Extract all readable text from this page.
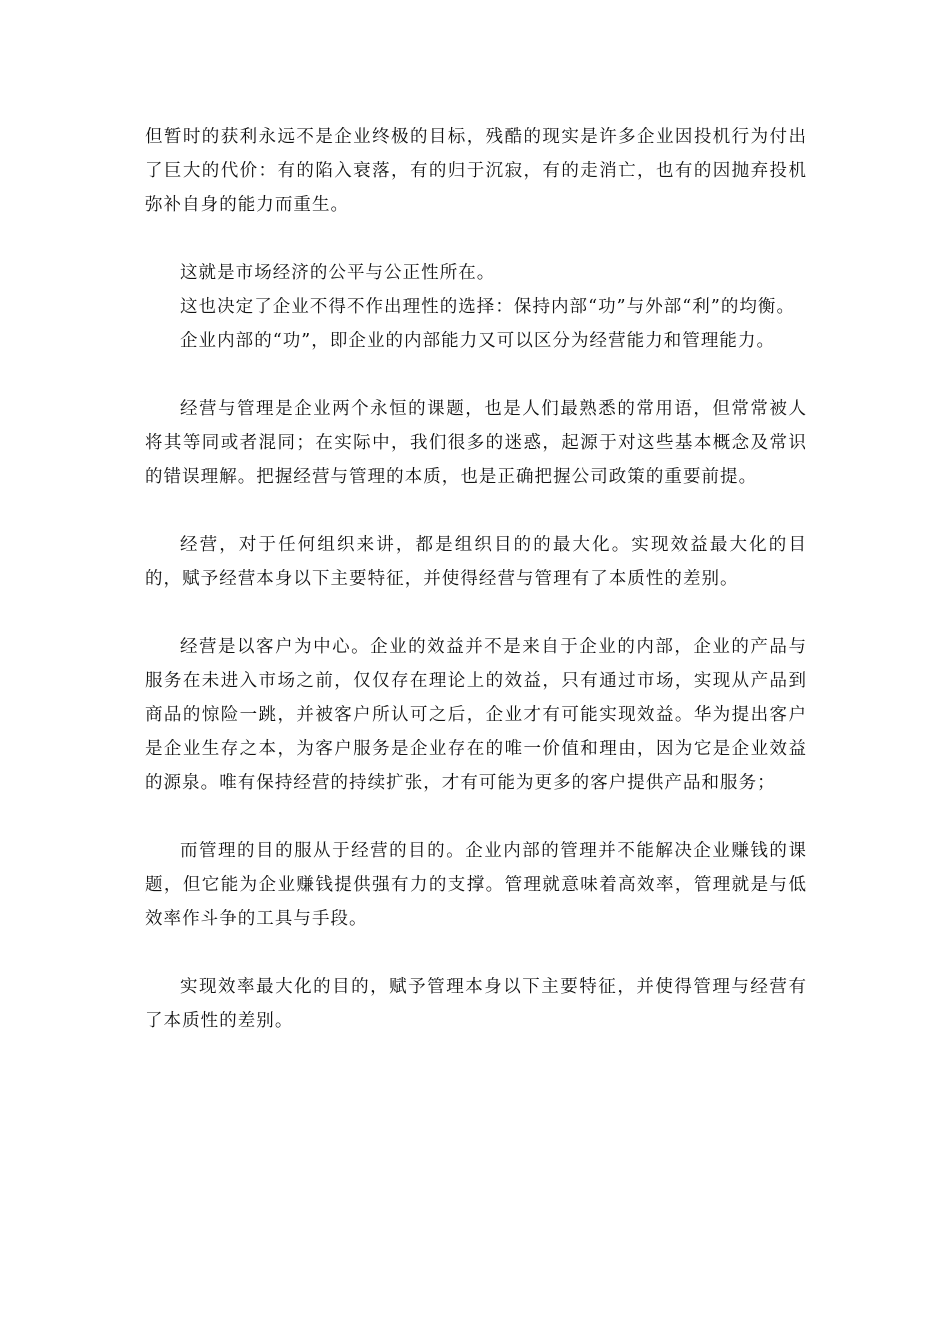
但暂时的获利永远不是企业终极的目标，残酷的现实是许多企业因投机行为付出了巨大的代价：有的陷入衰落，有的归于沉寂，有的走消亡，也有的因抛弃投机弥补自身的能力而重生。

这就是市场经济的公平与公正性所在。

这也决定了企业不得不作出理性的选择：保持内部“功”与外部“利”的均衡。

企业内部的“功”，即企业的内部能力又可以区分为经营能力和管理能力。

经营与管理是企业两个永恒的课题，也是人们最熟悉的常用语，但常常被人将其等同或者混同；在实际中，我们很多的迷惑，起源于对这些基本概念及常识的错误理解。把握经营与管理的本质，也是正确把握公司政策的重要前提。

经营，对于任何组织来讲，都是组织目的的最大化。实现效益最大化的目的，赋予经营本身以下主要特征，并使得经营与管理有了本质性的差别。

经营是以客户为中心。企业的效益并不是来自于企业的内部，企业的产品与服务在未进入市场之前，仅仅存在理论上的效益，只有通过市场，实现从产品到商品的惊险一跳，并被客户所认可之后，企业才有可能实现效益。华为提出客户是企业生存之本，为客户服务是企业存在的唯一价值和理由，因为它是企业效益的源泉。唯有保持经营的持续扩张，才有可能为更多的客户提供产品和服务；

而管理的目的服从于经营的目的。企业内部的管理并不能解决企业赚钱的课题，但它能为企业赚钱提供强有力的支撑。管理就意味着高效率，管理就是与低效率作斗争的工具与手段。

实现效率最大化的目的，赋予管理本身以下主要特征，并使得管理与经营有了本质性的差别。
